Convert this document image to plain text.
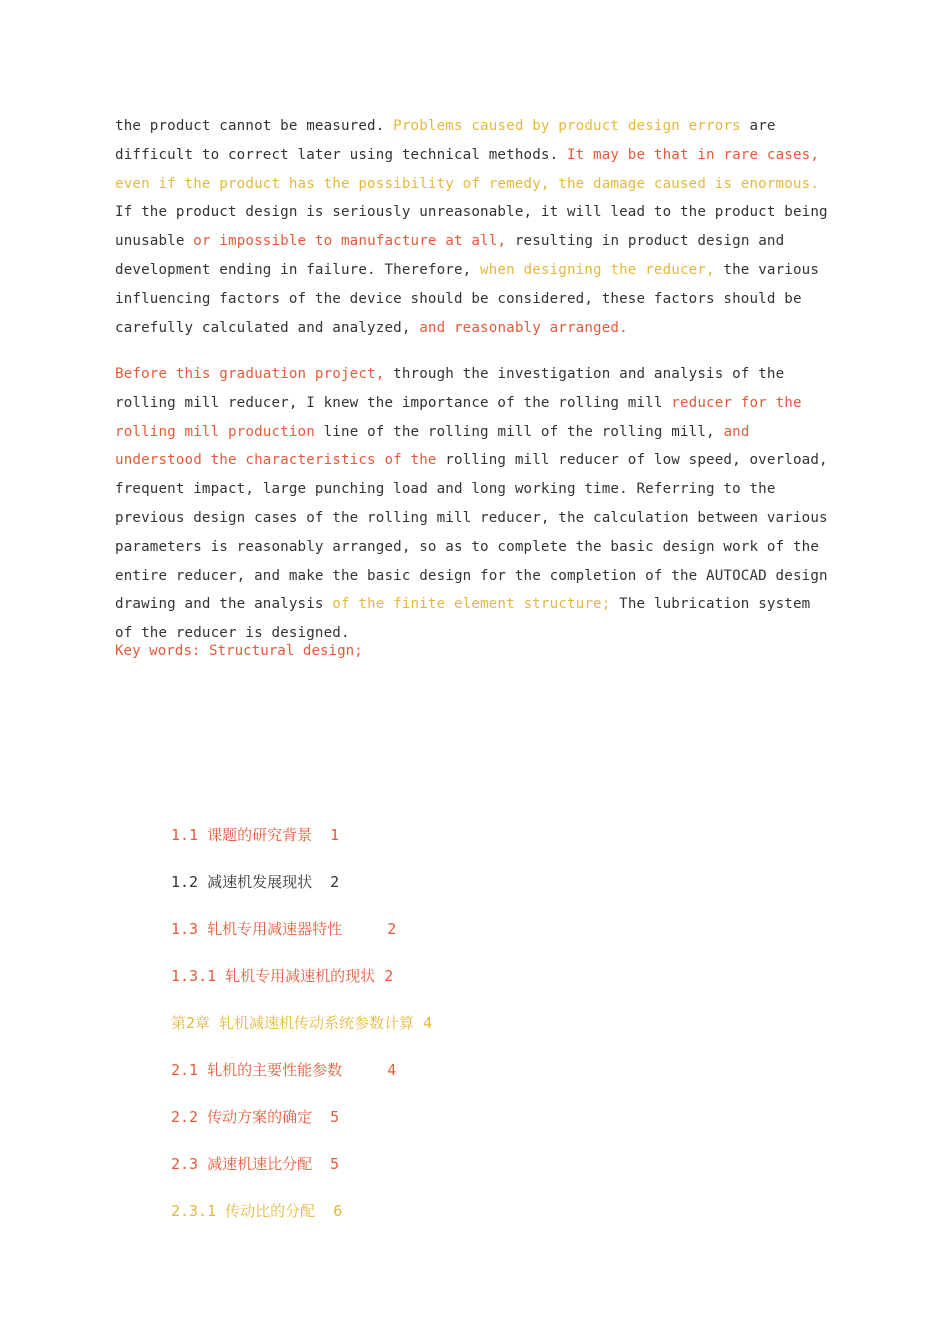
the product cannot be measured. Problems caused by product design errors are difficult to correct later using technical methods. It may be that in rare cases, even if the product has the possibility of remedy, the damage caused is enormous. If the product design is seriously unreasonable, it will lead to the product being unusable or impossible to manufacture at all, resulting in product design and development ending in failure. Therefore, when designing the reducer, the various influencing factors of the device should be considered, these factors should be carefully calculated and analyzed, and reasonably arranged.

Before this graduation project, through the investigation and analysis of the rolling mill reducer, I knew the importance of the rolling mill reducer for the rolling mill production line of the rolling mill of the rolling mill, and understood the characteristics of the rolling mill reducer of low speed, overload, frequent impact, large punching load and long working time. Referring to the previous design cases of the rolling mill reducer, the calculation between various parameters is reasonably arranged, so as to complete the basic design work of the entire reducer, and make the basic design for the completion of the AUTOCAD design drawing and the analysis of the finite element structure; The lubrication system of the reducer is designed.

Key words: Structural design;

1.1 课题的研究背景  1
1.2 减速机发展现状  2
1.3 轧机专用减速器特性     2
1.3.1 轧机专用减速机的现状 2
第2章 轧机减速机传动系统参数计算 4
2.1 轧机的主要性能参数     4
2.2 传动方案的确定  5
2.3 减速机速比分配  5
2.3.1 传动比的分配  6
